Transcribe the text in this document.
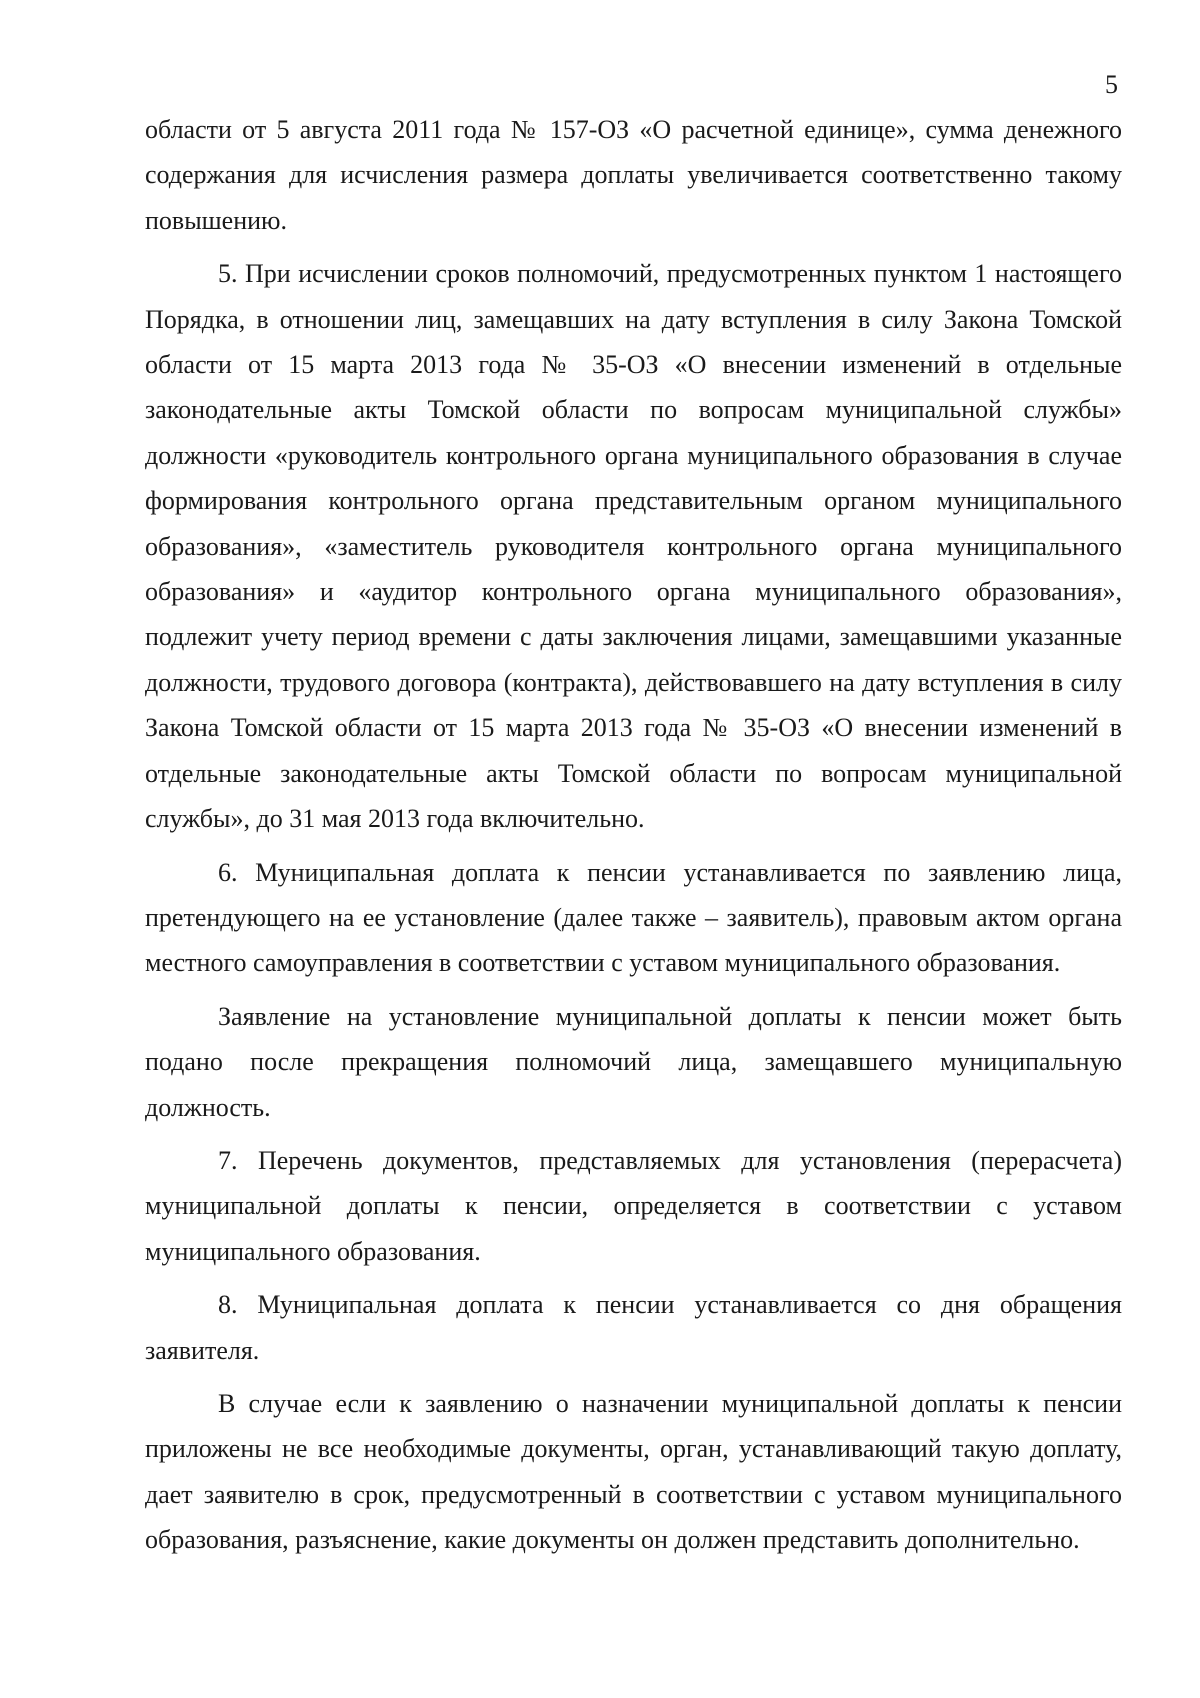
5

области от 5 августа 2011 года № 157-ОЗ «О расчетной единице», сумма денежного содержания для исчисления размера доплаты увеличивается соответственно такому повышению.

5. При исчислении сроков полномочий, предусмотренных пунктом 1 настоящего Порядка, в отношении лиц, замещавших на дату вступления в силу Закона Томской области от 15 марта 2013 года № 35-ОЗ «О внесении изменений в отдельные законодательные акты Томской области по вопросам муниципальной службы» должности «руководитель контрольного органа муниципального образования в случае формирования контрольного органа представительным органом муниципального образования», «заместитель руководителя контрольного органа муниципального образования» и «аудитор контрольного органа муниципального образования», подлежит учету период времени с даты заключения лицами, замещавшими указанные должности, трудового договора (контракта), действовавшего на дату вступления в силу Закона Томской области от 15 марта 2013 года № 35-ОЗ «О внесении изменений в отдельные законодательные акты Томской области по вопросам муниципальной службы», до 31 мая 2013 года включительно.

6. Муниципальная доплата к пенсии устанавливается по заявлению лица, претендующего на ее установление (далее также – заявитель), правовым актом органа местного самоуправления в соответствии с уставом муниципального образования.

Заявление на установление муниципальной доплаты к пенсии может быть подано после прекращения полномочий лица, замещавшего муниципальную должность.

7. Перечень документов, представляемых для установления (перерасчета) муниципальной доплаты к пенсии, определяется в соответствии с уставом муниципального образования.

8. Муниципальная доплата к пенсии устанавливается со дня обращения заявителя.

В случае если к заявлению о назначении муниципальной доплаты к пенсии приложены не все необходимые документы, орган, устанавливающий такую доплату, дает заявителю в срок, предусмотренный в соответствии с уставом муниципального образования, разъяснение, какие документы он должен представить дополнительно.
